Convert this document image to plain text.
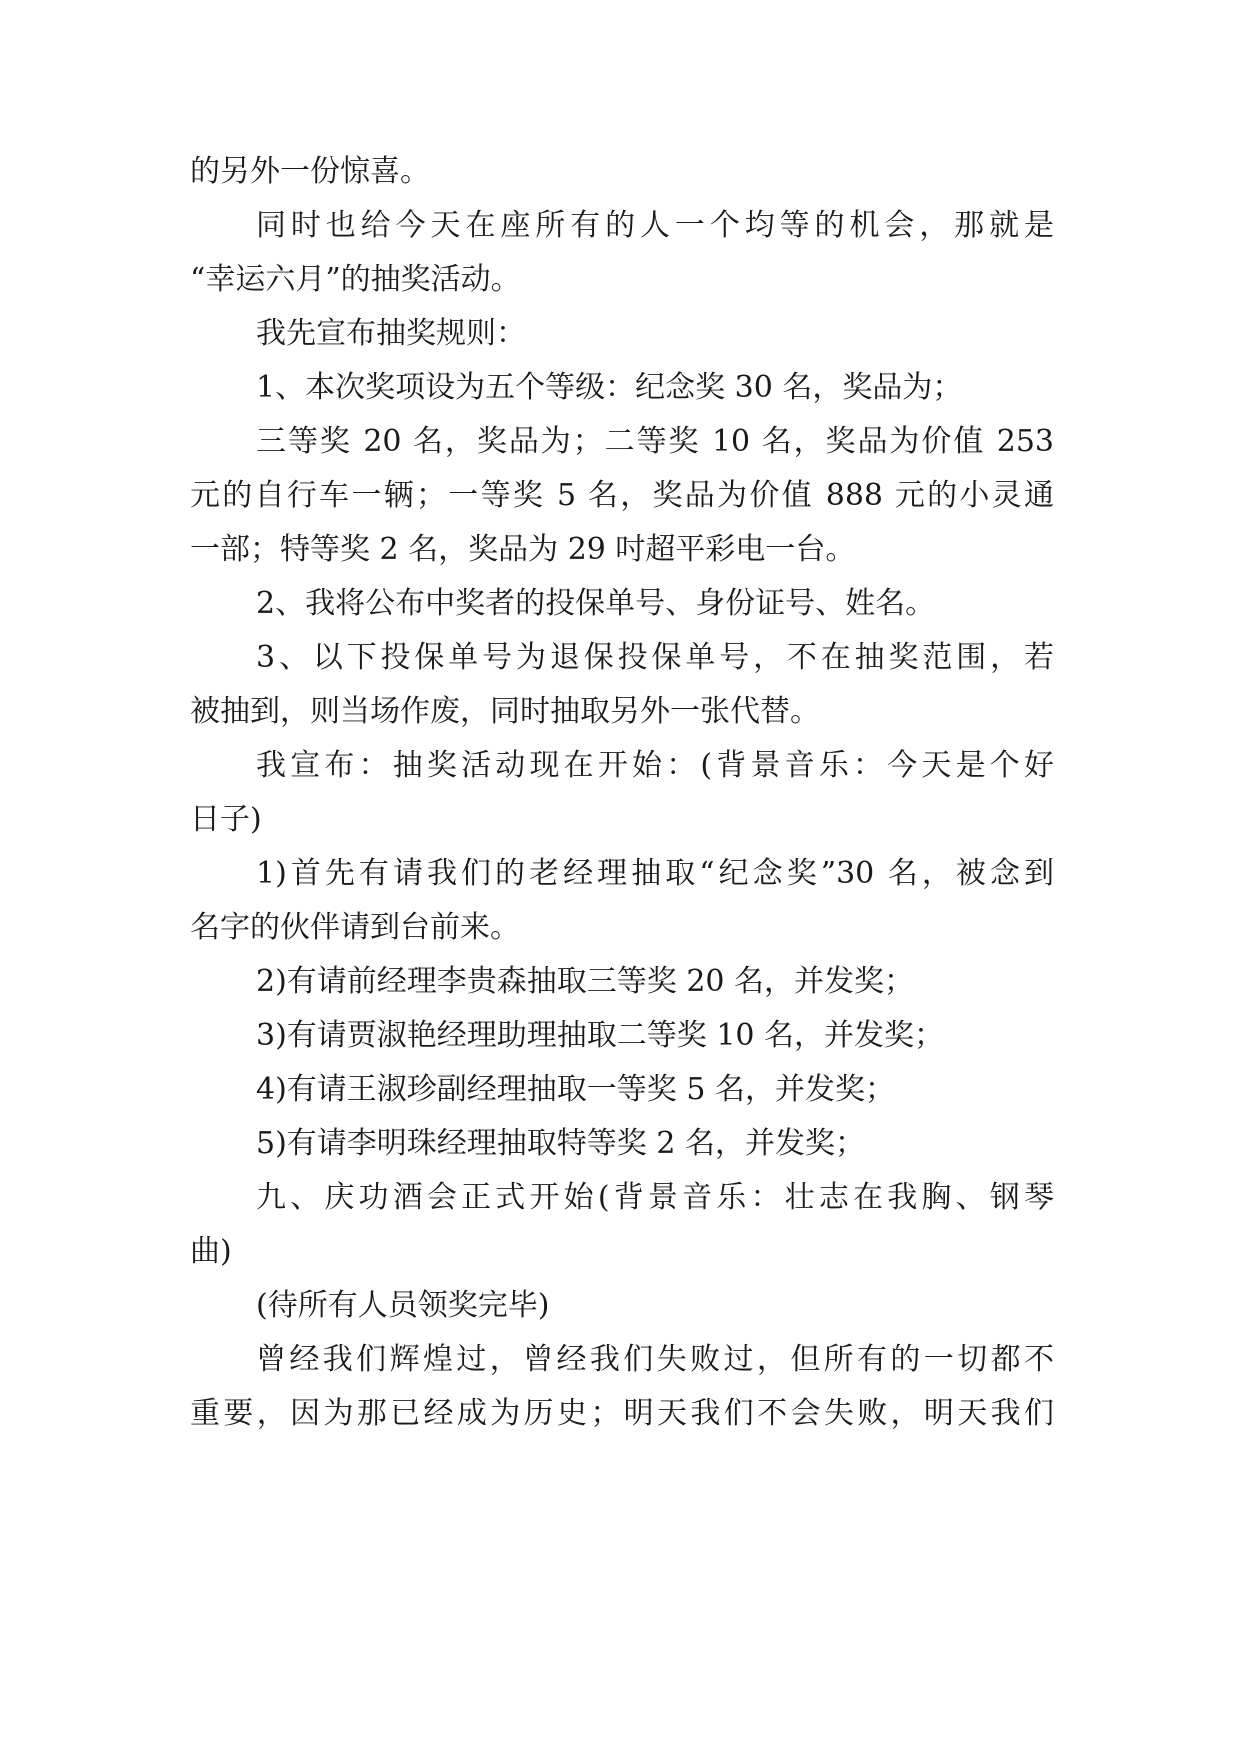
的另外一份惊喜。
同时也给今天在座所有的人一个均等的机会，那就是
“幸运六月”的抽奖活动。
我先宣布抽奖规则：
1、本次奖项设为五个等级：纪念奖 30 名，奖品为；
三等奖 20 名，奖品为；二等奖 10 名，奖品为价值 253
元的自行车一辆；一等奖 5 名，奖品为价值 888 元的小灵通
一部；特等奖 2 名，奖品为 29 吋超平彩电一台。
2、我将公布中奖者的投保单号、身份证号、姓名。
3、以下投保单号为退保投保单号，不在抽奖范围，若
被抽到，则当场作废，同时抽取另外一张代替。
我宣布：抽奖活动现在开始：(背景音乐：今天是个好
日子)
1)首先有请我们的老经理抽取“纪念奖”30 名，被念到
名字的伙伴请到台前来。
2)有请前经理李贵森抽取三等奖 20 名，并发奖；
3)有请贾淑艳经理助理抽取二等奖 10 名，并发奖；
4)有请王淑珍副经理抽取一等奖 5 名，并发奖；
5)有请李明珠经理抽取特等奖 2 名，并发奖；
九、庆功酒会正式开始(背景音乐：壮志在我胸、钢琴
曲)
(待所有人员领奖完毕)
曾经我们辉煌过，曾经我们失败过，但所有的一切都不
重要，因为那已经成为历史；明天我们不会失败，明天我们
